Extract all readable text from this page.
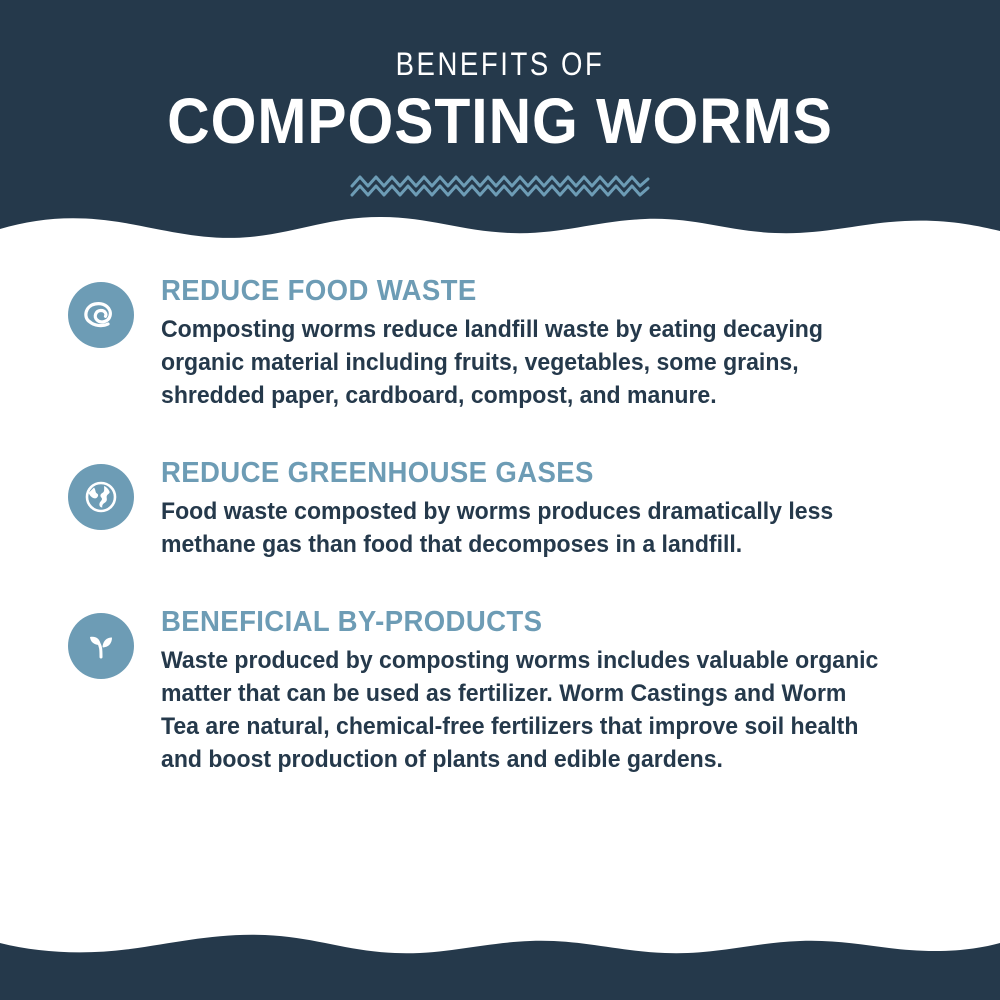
BENEFITS OF
COMPOSTING WORMS
REDUCE FOOD WASTE

Composting worms reduce landfill waste by eating decaying organic material including fruits, vegetables, some grains, shredded paper, cardboard, compost, and manure.

REDUCE GREENHOUSE GASES

Food waste composted by worms produces dramatically less methane gas than food that decomposes in a landfill.

BENEFICIAL BY-PRODUCTS

Waste produced by composting worms includes valuable organic matter that can be used as fertilizer. Worm Castings and Worm Tea are natural, chemical-free fertilizers that improve soil health and boost production of plants and edible gardens.
